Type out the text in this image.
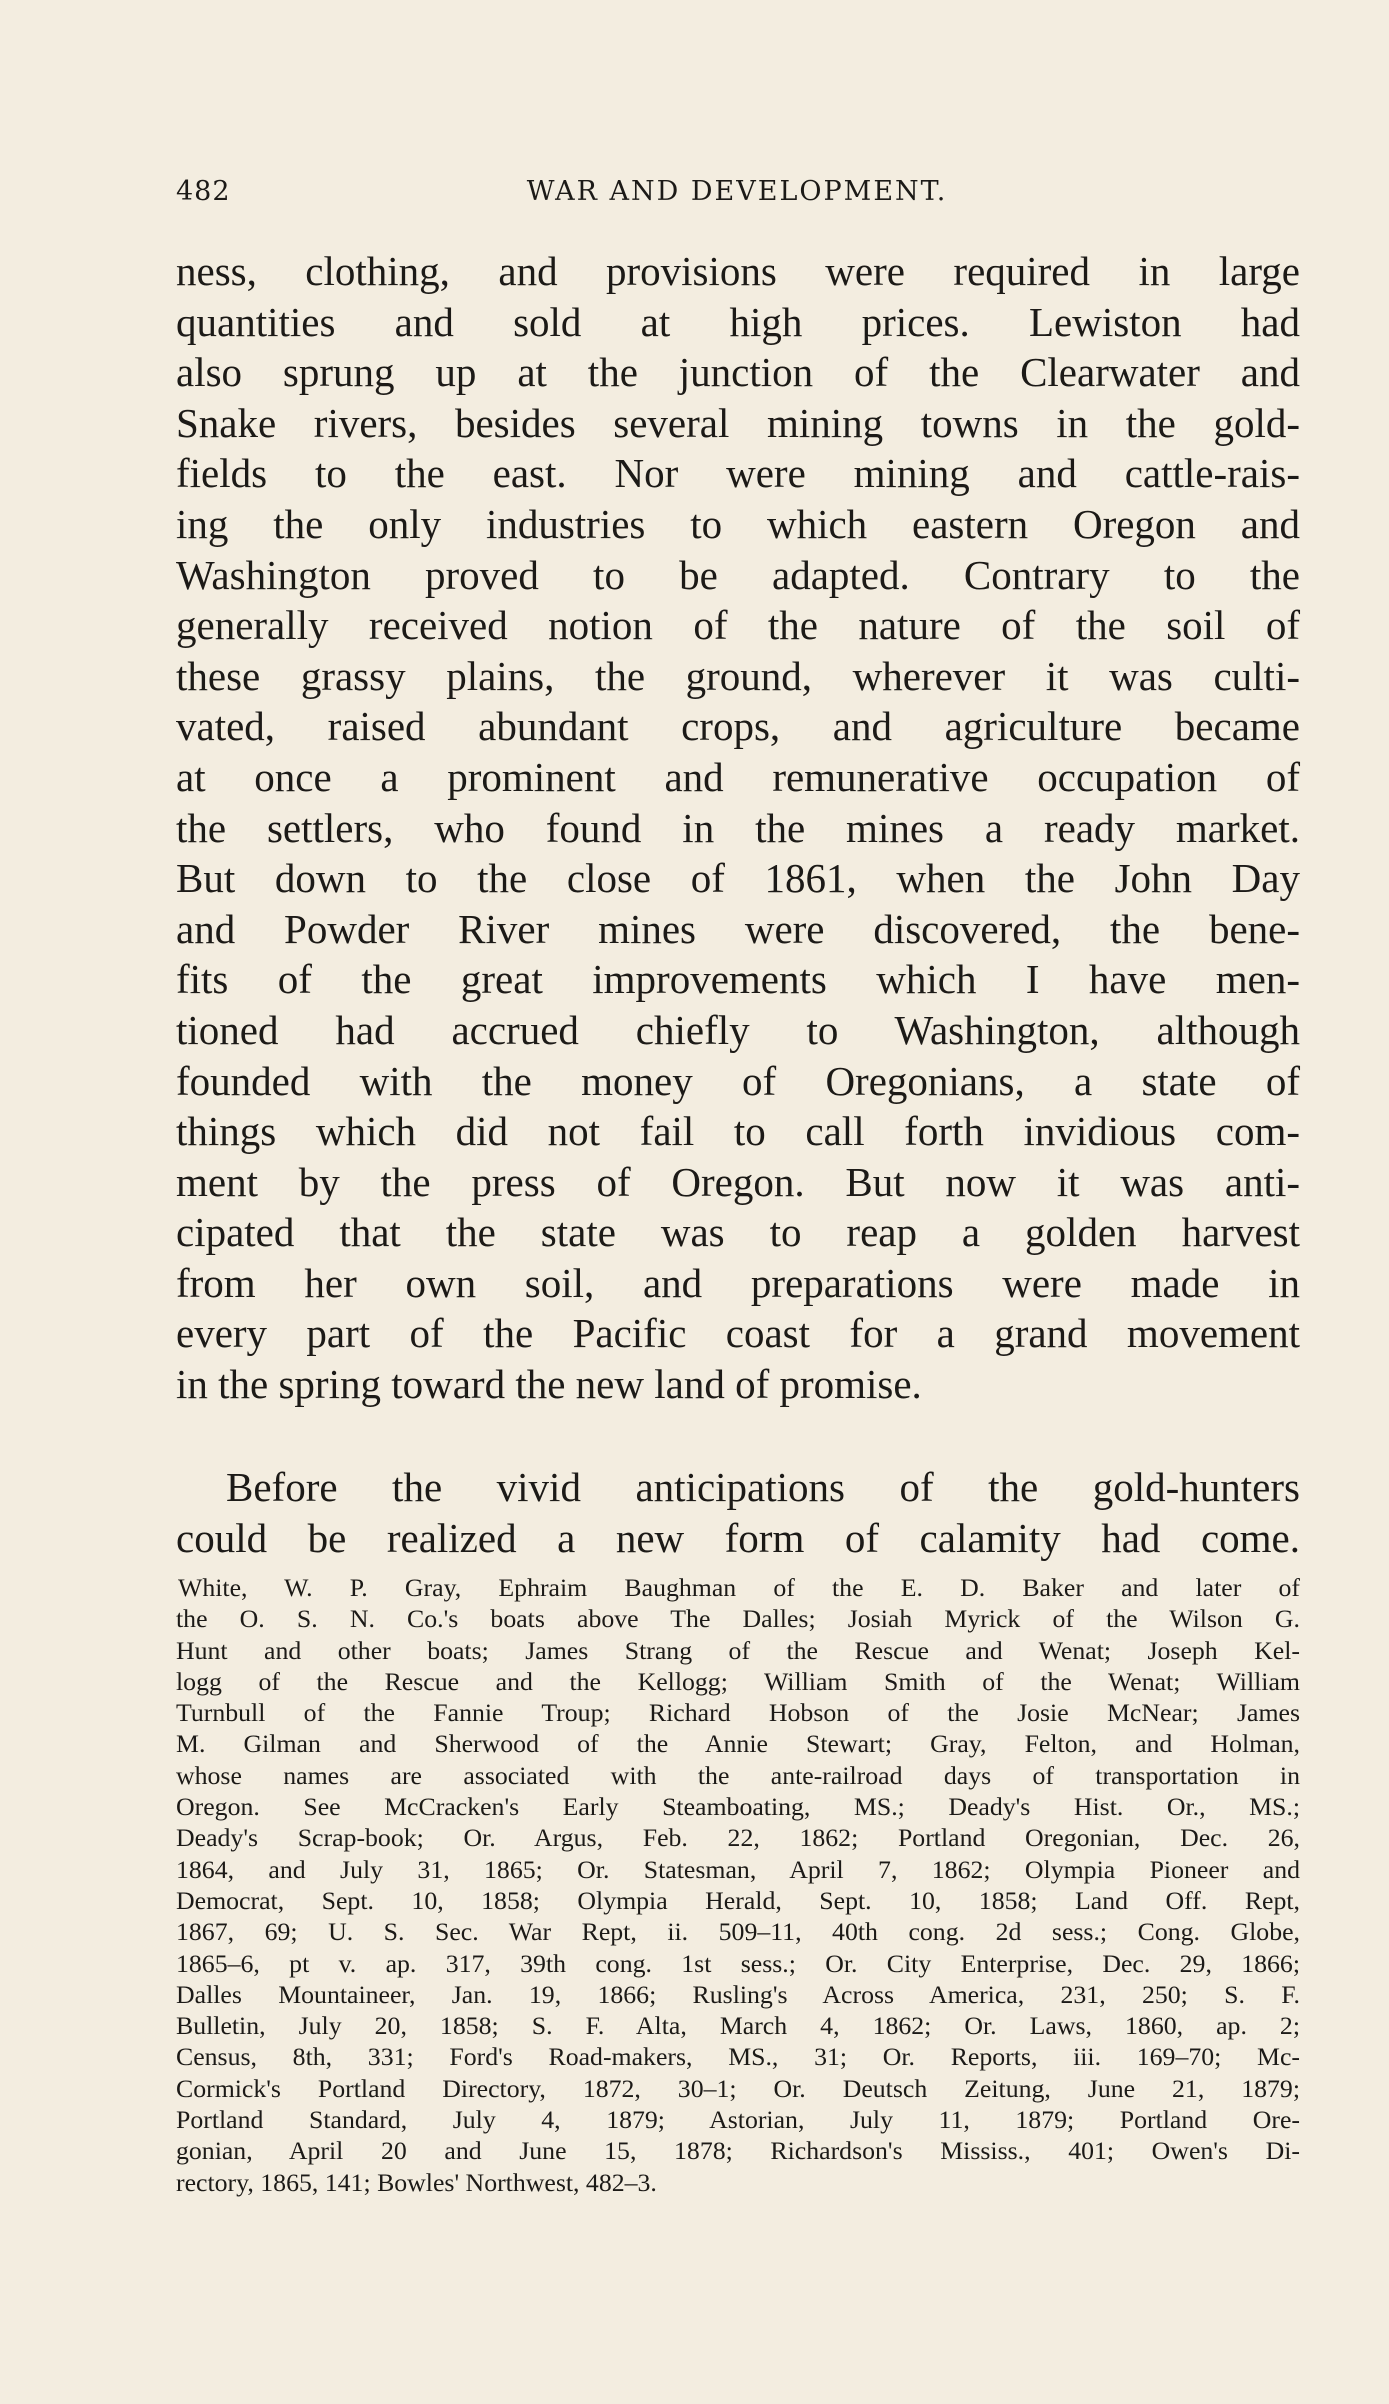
482	WAR AND DEVELOPMENT.
ness, clothing, and provisions were required in large
quantities and sold at high prices. Lewiston had
also sprung up at the junction of the Clearwater and
Snake rivers, besides several mining towns in the gold-
fields to the east. Nor were mining and cattle-rais-
ing the only industries to which eastern Oregon and
Washington proved to be adapted. Contrary to the
generally received notion of the nature of the soil of
these grassy plains, the ground, wherever it was culti-
vated, raised abundant crops, and agriculture became
at once a prominent and remunerative occupation of
the settlers, who found in the mines a ready market.
But down to the close of 1861, when the John Day
and Powder River mines were discovered, the bene-
fits of the great improvements which I have men-
tioned had accrued chiefly to Washington, although
founded with the money of Oregonians, a state of
things which did not fail to call forth invidious com-
ment by the press of Oregon. But now it was anti-
cipated that the state was to reap a golden harvest
from her own soil, and preparations were made in
every part of the Pacific coast for a grand movement
in the spring toward the new land of promise.
Before the vivid anticipations of the gold-hunters
could be realized a new form of calamity had come.
White, W. P. Gray, Ephraim Baughman of the E. D. Baker and later of
the O. S. N. Co.'s boats above The Dalles; Josiah Myrick of the Wilson G.
Hunt and other boats; James Strang of the Rescue and Wenat; Joseph Kel-
logg of the Rescue and the Kellogg; William Smith of the Wenat; William
Turnbull of the Fannie Troup; Richard Hobson of the Josie McNear; James
M. Gilman and Sherwood of the Annie Stewart; Gray, Felton, and Holman,
whose names are associated with the ante-railroad days of transportation in
Oregon. See McCracken's Early Steamboating, MS.; Deady's Hist. Or., MS.;
Deady's Scrap-book; Or. Argus, Feb. 22, 1862; Portland Oregonian, Dec. 26,
1864, and July 31, 1865; Or. Statesman, April 7, 1862; Olympia Pioneer and
Democrat, Sept. 10, 1858; Olympia Herald, Sept. 10, 1858; Land Off. Rept,
1867, 69; U. S. Sec. War Rept, ii. 509–11, 40th cong. 2d sess.; Cong. Globe,
1865–6, pt v. ap. 317, 39th cong. 1st sess.; Or. City Enterprise, Dec. 29, 1866;
Dalles Mountaineer, Jan. 19, 1866; Rusling's Across America, 231, 250; S. F.
Bulletin, July 20, 1858; S. F. Alta, March 4, 1862; Or. Laws, 1860, ap. 2;
Census, 8th, 331; Ford's Road-makers, MS., 31; Or. Reports, iii. 169–70; Mc-
Cormick's Portland Directory, 1872, 30–1; Or. Deutsch Zeitung, June 21, 1879;
Portland Standard, July 4, 1879; Astorian, July 11, 1879; Portland Ore-
gonian, April 20 and June 15, 1878; Richardson's Mississ., 401; Owen's Di-
rectory, 1865, 141; Bowles' Northwest, 482–3.
